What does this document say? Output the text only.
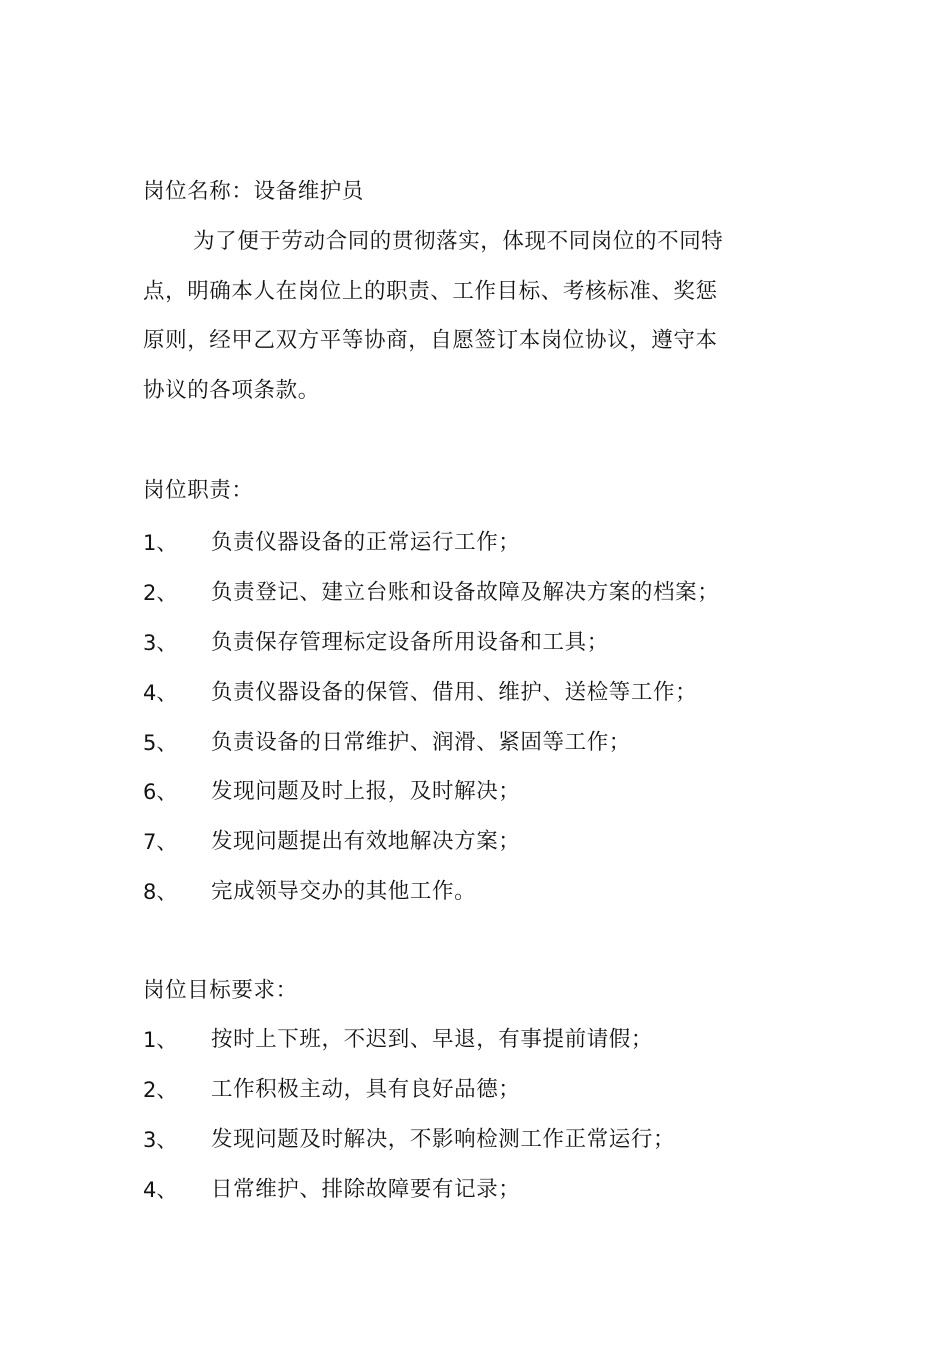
岗位名称：设备维护员
为了便于劳动合同的贯彻落实，体现不同岗位的不同特
点，明确本人在岗位上的职责、工作目标、考核标准、奖惩
原则，经甲乙双方平等协商，自愿签订本岗位协议，遵守本
协议的各项条款。
岗位职责：
1、 负责仪器设备的正常运行工作；
2、 负责登记、建立台账和设备故障及解决方案的档案；
3、 负责保存管理标定设备所用设备和工具；
4、 负责仪器设备的保管、借用、维护、送检等工作；
5、 负责设备的日常维护、润滑、紧固等工作；
6、 发现问题及时上报，及时解决；
7、 发现问题提出有效地解决方案；
8、 完成领导交办的其他工作。
岗位目标要求：
1、 按时上下班，不迟到、早退，有事提前请假；
2、 工作积极主动，具有良好品德；
3、 发现问题及时解决，不影响检测工作正常运行；
4、 日常维护、排除故障要有记录；
